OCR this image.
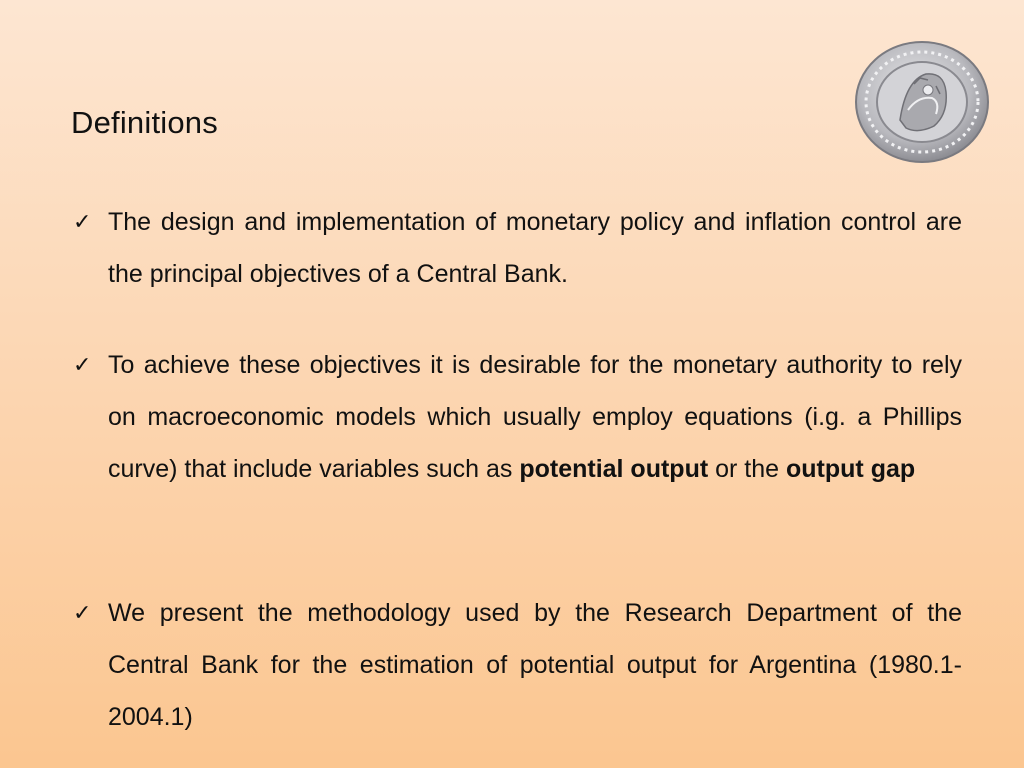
Definitions
✓ The design and implementation of monetary policy and inflation control are the principal objectives of a Central Bank.

✓ To achieve these objectives it is desirable for the monetary authority to rely on macroeconomic models which usually employ equations (i.g. a Phillips curve) that include variables such as potential output or the output gap

✓ We present the methodology used by the Research Department of the Central Bank for the estimation of potential output for Argentina (1980.1-2004.1)
